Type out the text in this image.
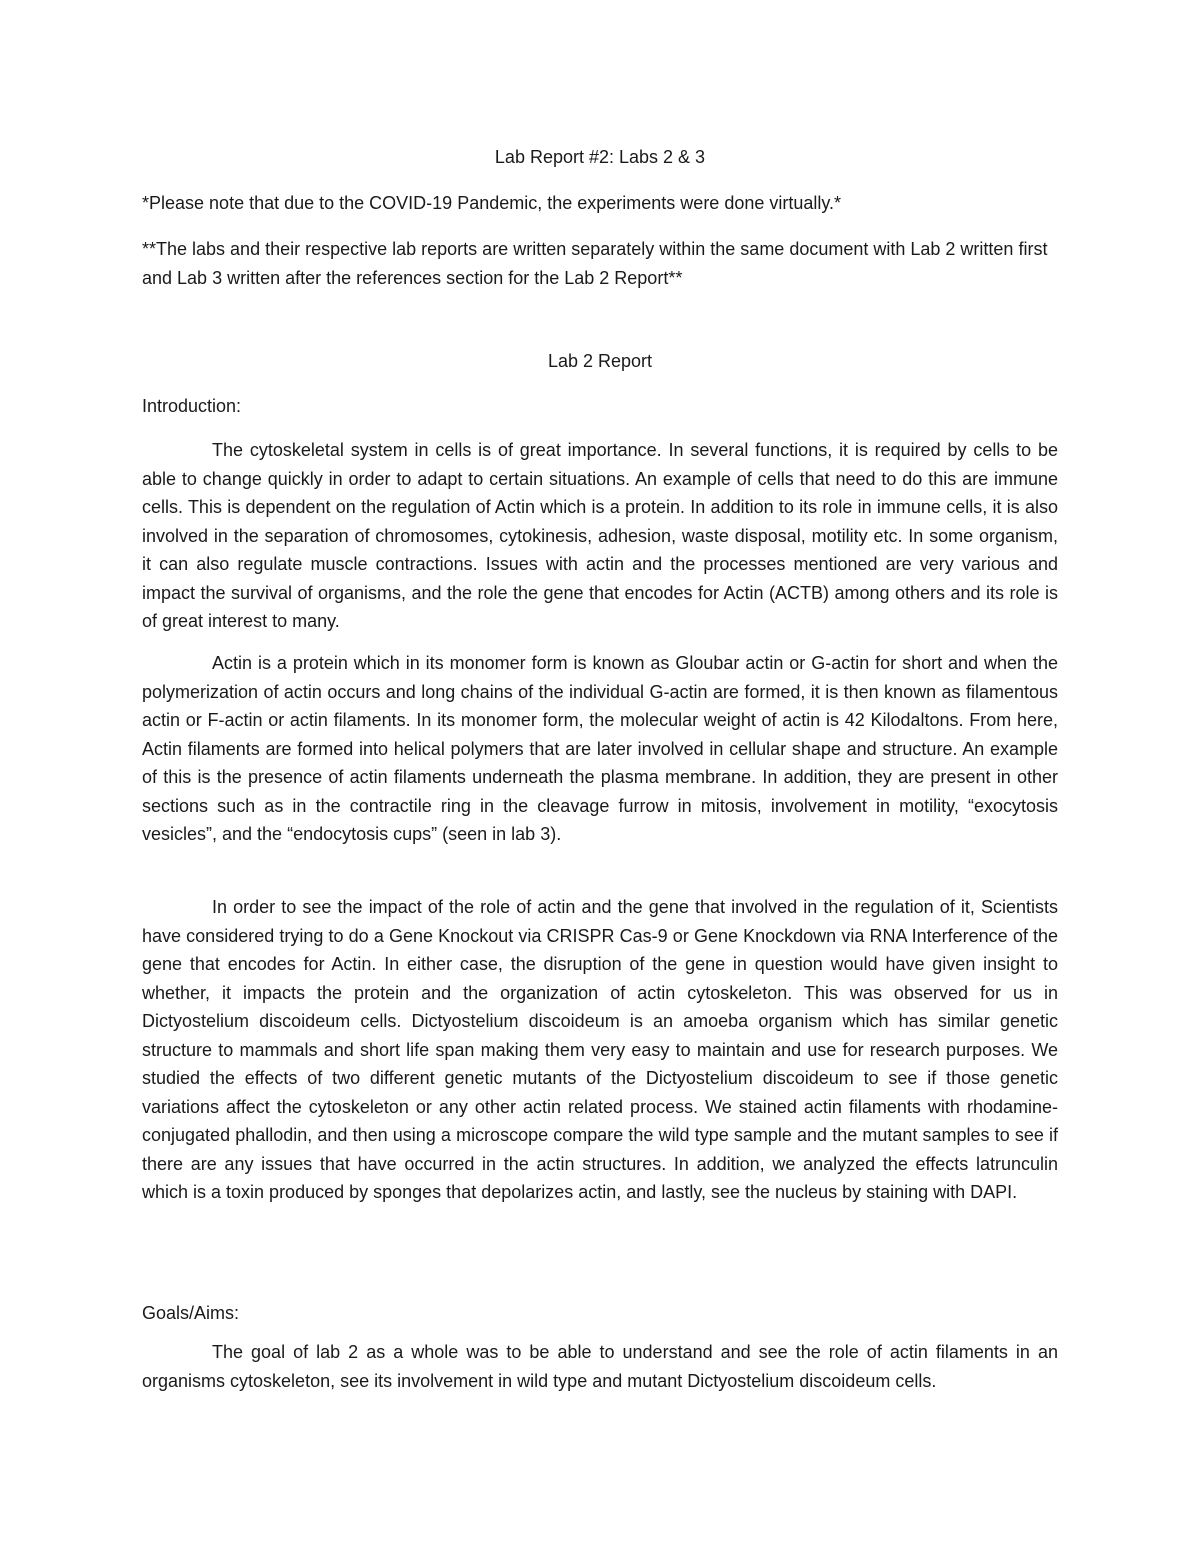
Lab Report #2: Labs 2 & 3
*Please note that due to the COVID-19 Pandemic, the experiments were done virtually.*
**The labs and their respective lab reports are written separately within the same document with Lab 2 written first and Lab 3 written after the references section for the Lab 2 Report**
Lab 2 Report
Introduction:
The cytoskeletal system in cells is of great importance. In several functions, it is required by cells to be able to change quickly in order to adapt to certain situations. An example of cells that need to do this are immune cells. This is dependent on the regulation of Actin which is a protein. In addition to its role in immune cells, it is also involved in the separation of chromosomes, cytokinesis, adhesion, waste disposal, motility etc. In some organism, it can also regulate muscle contractions. Issues with actin and the processes mentioned are very various and impact the survival of organisms, and the role the gene that encodes for Actin (ACTB) among others and its role is of great interest to many.
Actin is a protein which in its monomer form is known as Gloubar actin or G-actin for short and when the polymerization of actin occurs and long chains of the individual G-actin are formed, it is then known as filamentous actin or F-actin or actin filaments. In its monomer form, the molecular weight of actin is 42 Kilodaltons. From here, Actin filaments are formed into helical polymers that are later involved in cellular shape and structure. An example of this is the presence of actin filaments underneath the plasma membrane. In addition, they are present in other sections such as in the contractile ring in the cleavage furrow in mitosis, involvement in motility, “exocytosis vesicles”, and the “endocytosis cups” (seen in lab 3).
In order to see the impact of the role of actin and the gene that involved in the regulation of it, Scientists have considered trying to do a Gene Knockout via CRISPR Cas-9 or Gene Knockdown via RNA Interference of the gene that encodes for Actin. In either case, the disruption of the gene in question would have given insight to whether, it impacts the protein and the organization of actin cytoskeleton. This was observed for us in Dictyostelium discoideum cells. Dictyostelium discoideum is an amoeba organism which has similar genetic structure to mammals and short life span making them very easy to maintain and use for research purposes. We studied the effects of two different genetic mutants of the Dictyostelium discoideum to see if those genetic variations affect the cytoskeleton or any other actin related process. We stained actin filaments with rhodamine-conjugated phallodin, and then using a microscope compare the wild type sample and the mutant samples to see if there are any issues that have occurred in the actin structures. In addition, we analyzed the effects latrunculin which is a toxin produced by sponges that depolarizes actin, and lastly, see the nucleus by staining with DAPI.
Goals/Aims:
The goal of lab 2 as a whole was to be able to understand and see the role of actin filaments in an organisms cytoskeleton, see its involvement in wild type and mutant Dictyostelium discoideum cells.
